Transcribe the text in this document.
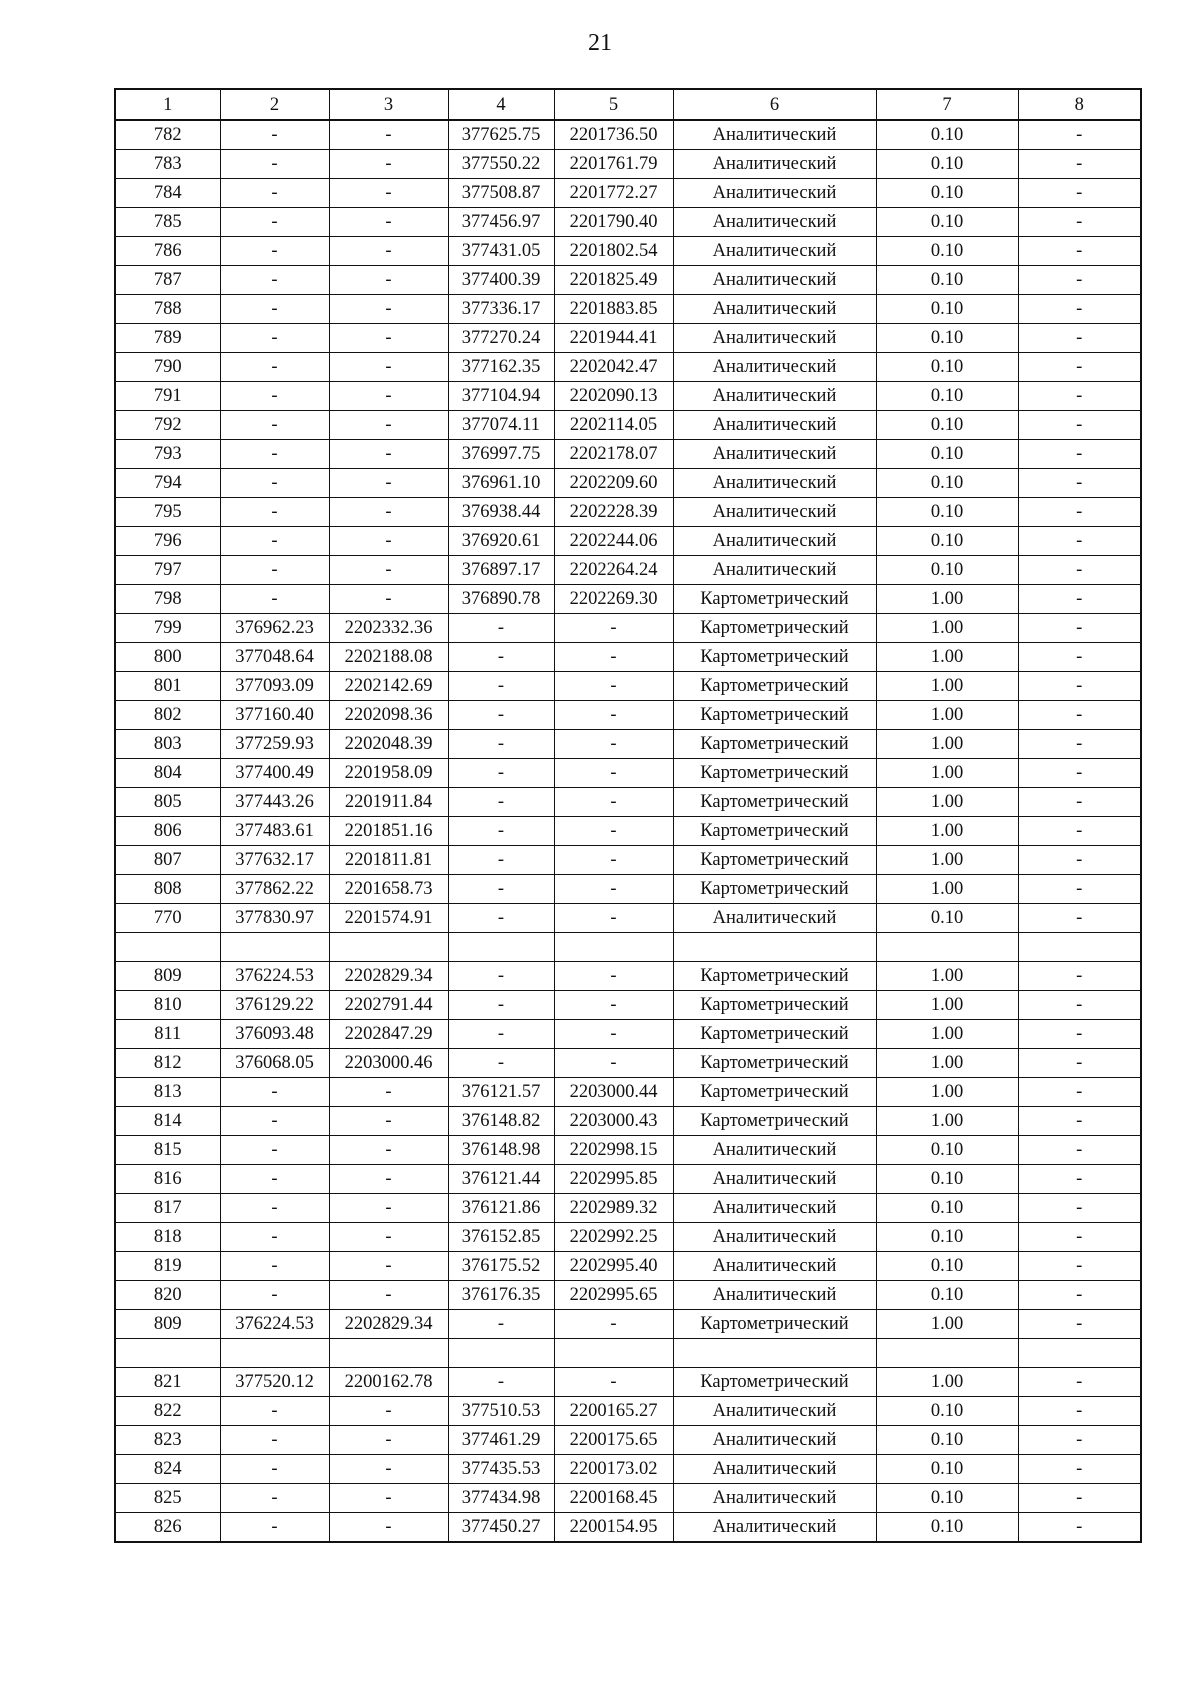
21
1	2	3	4	5	6	7	8
782	-	-	377625.75	2201736.50	Аналитический	0.10	-
783	-	-	377550.22	2201761.79	Аналитический	0.10	-
784	-	-	377508.87	2201772.27	Аналитический	0.10	-
785	-	-	377456.97	2201790.40	Аналитический	0.10	-
786	-	-	377431.05	2201802.54	Аналитический	0.10	-
787	-	-	377400.39	2201825.49	Аналитический	0.10	-
788	-	-	377336.17	2201883.85	Аналитический	0.10	-
789	-	-	377270.24	2201944.41	Аналитический	0.10	-
790	-	-	377162.35	2202042.47	Аналитический	0.10	-
791	-	-	377104.94	2202090.13	Аналитический	0.10	-
792	-	-	377074.11	2202114.05	Аналитический	0.10	-
793	-	-	376997.75	2202178.07	Аналитический	0.10	-
794	-	-	376961.10	2202209.60	Аналитический	0.10	-
795	-	-	376938.44	2202228.39	Аналитический	0.10	-
796	-	-	376920.61	2202244.06	Аналитический	0.10	-
797	-	-	376897.17	2202264.24	Аналитический	0.10	-
798	-	-	376890.78	2202269.30	Картометрический	1.00	-
799	376962.23	2202332.36	-	-	Картометрический	1.00	-
800	377048.64	2202188.08	-	-	Картометрический	1.00	-
801	377093.09	2202142.69	-	-	Картометрический	1.00	-
802	377160.40	2202098.36	-	-	Картометрический	1.00	-
803	377259.93	2202048.39	-	-	Картометрический	1.00	-
804	377400.49	2201958.09	-	-	Картометрический	1.00	-
805	377443.26	2201911.84	-	-	Картометрический	1.00	-
806	377483.61	2201851.16	-	-	Картометрический	1.00	-
807	377632.17	2201811.81	-	-	Картометрический	1.00	-
808	377862.22	2201658.73	-	-	Картометрический	1.00	-
770	377830.97	2201574.91	-	-	Аналитический	0.10	-

809	376224.53	2202829.34	-	-	Картометрический	1.00	-
810	376129.22	2202791.44	-	-	Картометрический	1.00	-
811	376093.48	2202847.29	-	-	Картометрический	1.00	-
812	376068.05	2203000.46	-	-	Картометрический	1.00	-
813	-	-	376121.57	2203000.44	Картометрический	1.00	-
814	-	-	376148.82	2203000.43	Картометрический	1.00	-
815	-	-	376148.98	2202998.15	Аналитический	0.10	-
816	-	-	376121.44	2202995.85	Аналитический	0.10	-
817	-	-	376121.86	2202989.32	Аналитический	0.10	-
818	-	-	376152.85	2202992.25	Аналитический	0.10	-
819	-	-	376175.52	2202995.40	Аналитический	0.10	-
820	-	-	376176.35	2202995.65	Аналитический	0.10	-
809	376224.53	2202829.34	-	-	Картометрический	1.00	-

821	377520.12	2200162.78	-	-	Картометрический	1.00	-
822	-	-	377510.53	2200165.27	Аналитический	0.10	-
823	-	-	377461.29	2200175.65	Аналитический	0.10	-
824	-	-	377435.53	2200173.02	Аналитический	0.10	-
825	-	-	377434.98	2200168.45	Аналитический	0.10	-
826	-	-	377450.27	2200154.95	Аналитический	0.10	-
